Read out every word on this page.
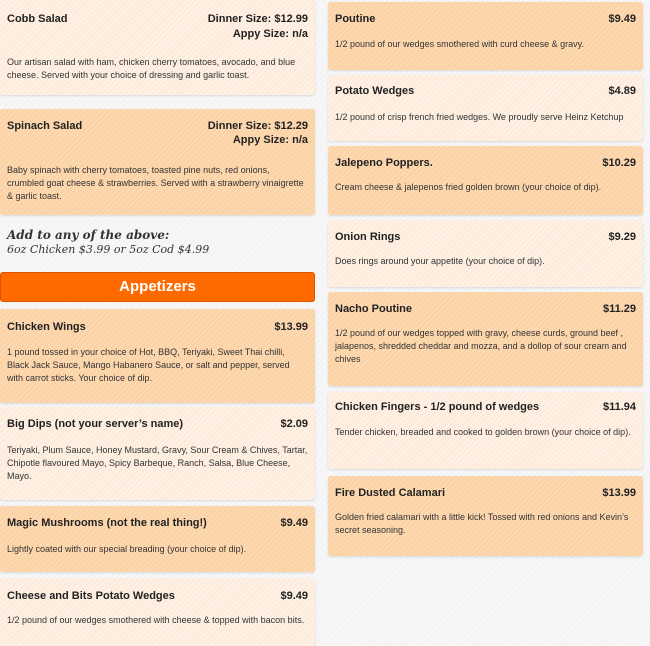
Cobb Salad	Dinner Size: $12.99
Appy Size: n/a
Our artisan salad with ham, chicken cherry tomatoes, avocado, and blue cheese. Served with your choice of dressing and garlic toast.
Spinach Salad	Dinner Size: $12.29
Appy Size: n/a
Baby spinach with cherry tomatoes, toasted pine nuts, red onions, crumbled goat cheese & strawberries. Served with a strawberry vinaigrette & garlic toast.
Add to any of the above:
6oz Chicken $3.99 or 5oz Cod $4.99
Appetizers
Chicken Wings	$13.99
1 pound tossed in your choice of Hot, BBQ, Teriyaki, Sweet Thai chilli, Black Jack Sauce, Mango Habanero Sauce, or salt and pepper, served with carrot sticks. Your choice of dip.
Big Dips (not your server’s name)	$2.09
Teriyaki, Plum Sauce, Honey Mustard, Gravy, Sour Cream & Chives, Tartar, Chipotle flavoured Mayo, Spicy Barbeque, Ranch, Salsa, Blue Cheese, Mayo.
Magic Mushrooms (not the real thing!)	$9.49
Lightly coated with our special breading (your choice of dip).
Cheese and Bits Potato Wedges	$9.49
1/2 pound of our wedges smothered with cheese & topped with bacon bits.
Poutine	$9.49
1/2 pound of our wedges smothered with curd cheese & gravy.
Potato Wedges	$4.89
1/2 pound of crisp french fried wedges. We proudly serve Heinz Ketchup
Jalepeno Poppers.	$10.29
Cream cheese & jalepenos fried golden brown (your choice of dip).
Onion Rings	$9.29
Does rings around your appetite (your choice of dip).
Nacho Poutine	$11.29
1/2 pound of our wedges topped with gravy, cheese curds, ground beef , jalapenos, shredded cheddar and mozza, and a dollop of sour cream and chives
Chicken Fingers - 1/2 pound of wedges	$11.94
Tender chicken, breaded and cooked to golden brown (your choice of dip).
Fire Dusted Calamari	$13.99
Golden fried calamari with a little kick! Tossed with red onions and Kevin’s secret seasoning.
